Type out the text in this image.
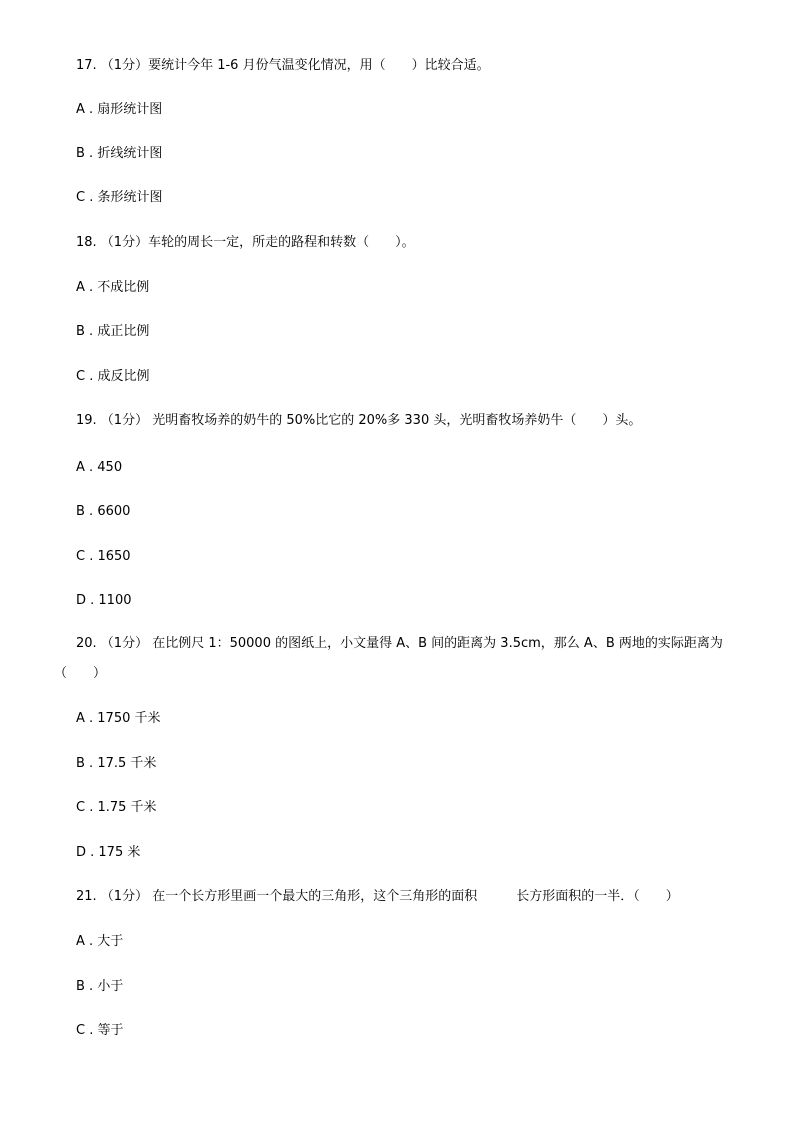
17. （1分）要统计今年 1-6 月份气温变化情况，用（　　）比较合适。
A . 扇形统计图
B . 折线统计图
C . 条形统计图
18. （1分）车轮的周长一定，所走的路程和转数（　　）。
A . 不成比例
B . 成正比例
C . 成反比例
19. （1分） 光明畜牧场养的奶牛的 50%比它的 20%多 330 头，光明畜牧场养奶牛（　　）头。
A . 450
B . 6600
C . 1650
D . 1100
20. （1分） 在比例尺 1：50000 的图纸上，小文量得 A、B 间的距离为 3.5cm，那么 A、B 两地的实际距离为
（　　）
A . 1750 千米
B . 17.5 千米
C . 1.75 千米
D . 175 米
21. （1分） 在一个长方形里画一个最大的三角形，这个三角形的面积　　　长方形面积的一半．（　　）
A . 大于
B . 小于
C . 等于
